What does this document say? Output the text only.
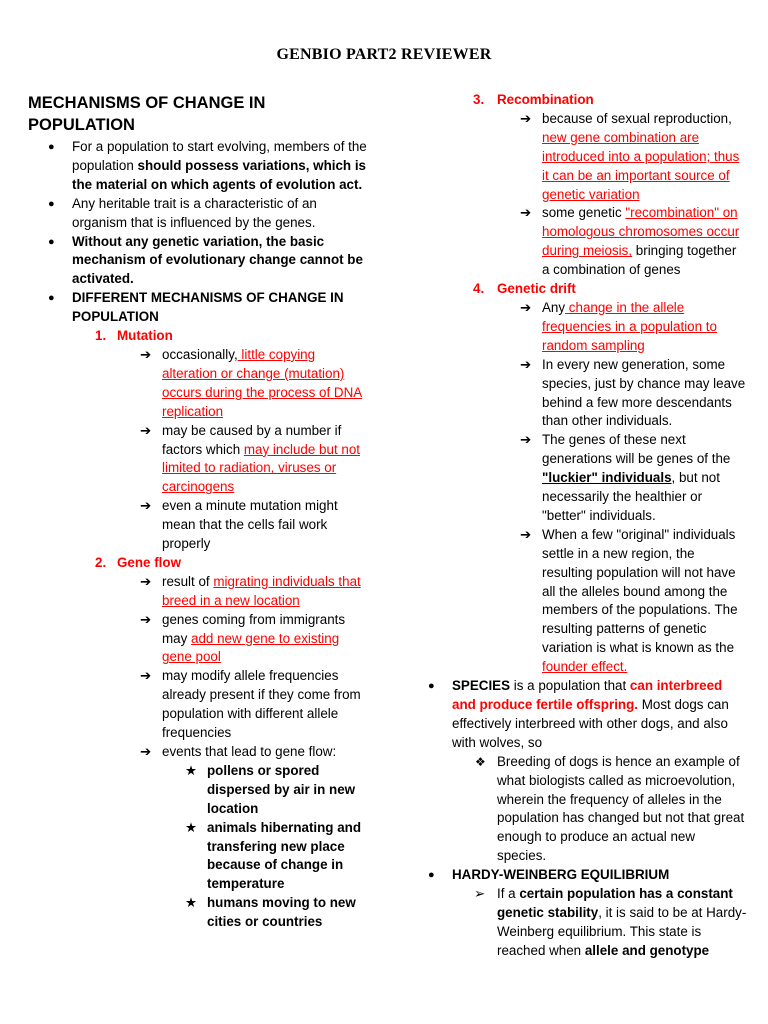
GENBIO PART2 REVIEWER
MECHANISMS OF CHANGE IN
POPULATION
● For a population to start evolving, members of the population should possess variations, which is the material on which agents of evolution act.
● Any heritable trait is a characteristic of an organism that is influenced by the genes.
● Without any genetic variation, the basic mechanism of evolutionary change cannot be activated.
● DIFFERENT MECHANISMS OF CHANGE IN POPULATION
1. Mutation
➔ occasionally, little copying alteration or change (mutation) occurs during the process of DNA replication
➔ may be caused by a number if factors which may include but not limited to radiation, viruses or carcinogens
➔ even a minute mutation might mean that the cells fail work properly
2. Gene flow
➔ result of migrating individuals that breed in a new location
➔ genes coming from immigrants may add new gene to existing gene pool
➔ may modify allele frequencies already present if they come from population with different allele frequencies
➔ events that lead to gene flow:
★ pollens or spored dispersed by air in new location
★ animals hibernating and transfering new place because of change in temperature
★ humans moving to new cities or countries
3. Recombination
➔ because of sexual reproduction, new gene combination are introduced into a population; thus it can be an important source of genetic variation
➔ some genetic "recombination" on homologous chromosomes occur during meiosis, bringing together a combination of genes
4. Genetic drift
➔ Any change in the allele frequencies in a population to random sampling
➔ In every new generation, some species, just by chance may leave behind a few more descendants than other individuals.
➔ The genes of these next generations will be genes of the "luckier" individuals, but not necessarily the healthier or "better" individuals.
➔ When a few "original" individuals settle in a new region, the resulting population will not have all the alleles bound among the members of the populations. The resulting patterns of genetic variation is what is known as the founder effect.
● SPECIES is a population that can interbreed and produce fertile offspring. Most dogs can effectively interbreed with other dogs, and also with wolves, so
❖ Breeding of dogs is hence an example of what biologists called as microevolution, wherein the frequency of alleles in the population has changed but not that great enough to produce an actual new species.
● HARDY-WEINBERG EQUILIBRIUM
➢ If a certain population has a constant genetic stability, it is said to be at Hardy-Weinberg equilibrium. This state is reached when allele and genotype
